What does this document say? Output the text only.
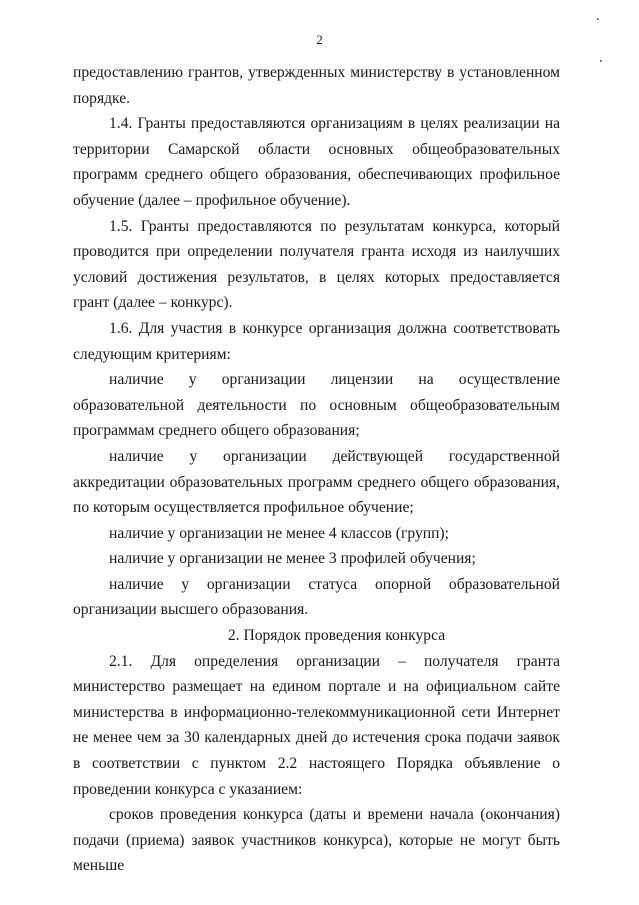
2

предоставлению грантов, утвержденных министерству в установленном порядке.

1.4. Гранты предоставляются организациям в целях реализации на территории Самарской области основных общеобразовательных программ среднего общего образования, обеспечивающих профильное обучение (далее – профильное обучение).

1.5. Гранты предоставляются по результатам конкурса, который проводится при определении получателя гранта исходя из наилучших условий достижения результатов, в целях которых предоставляется грант (далее – конкурс).

1.6. Для участия в конкурсе организация должна соответствовать следующим критериям:

наличие у организации лицензии на осуществление образовательной деятельности по основным общеобразовательным программам среднего общего образования;

наличие у организации действующей государственной аккредитации образовательных программ среднего общего образования, по которым осуществляется профильное обучение;

наличие у организации не менее 4 классов (групп);

наличие у организации не менее 3 профилей обучения;

наличие у организации статуса опорной образовательной организации высшего образования.

2. Порядок проведения конкурса

2.1. Для определения организации – получателя гранта министерство размещает на едином портале и на официальном сайте министерства в информационно-телекоммуникационной сети Интернет не менее чем за 30 календарных дней до истечения срока подачи заявок в соответствии с пунктом 2.2 настоящего Порядка объявление о проведении конкурса с указанием:

сроков проведения конкурса (даты и времени начала (окончания) подачи (приема) заявок участников конкурса), которые не могут быть меньше
